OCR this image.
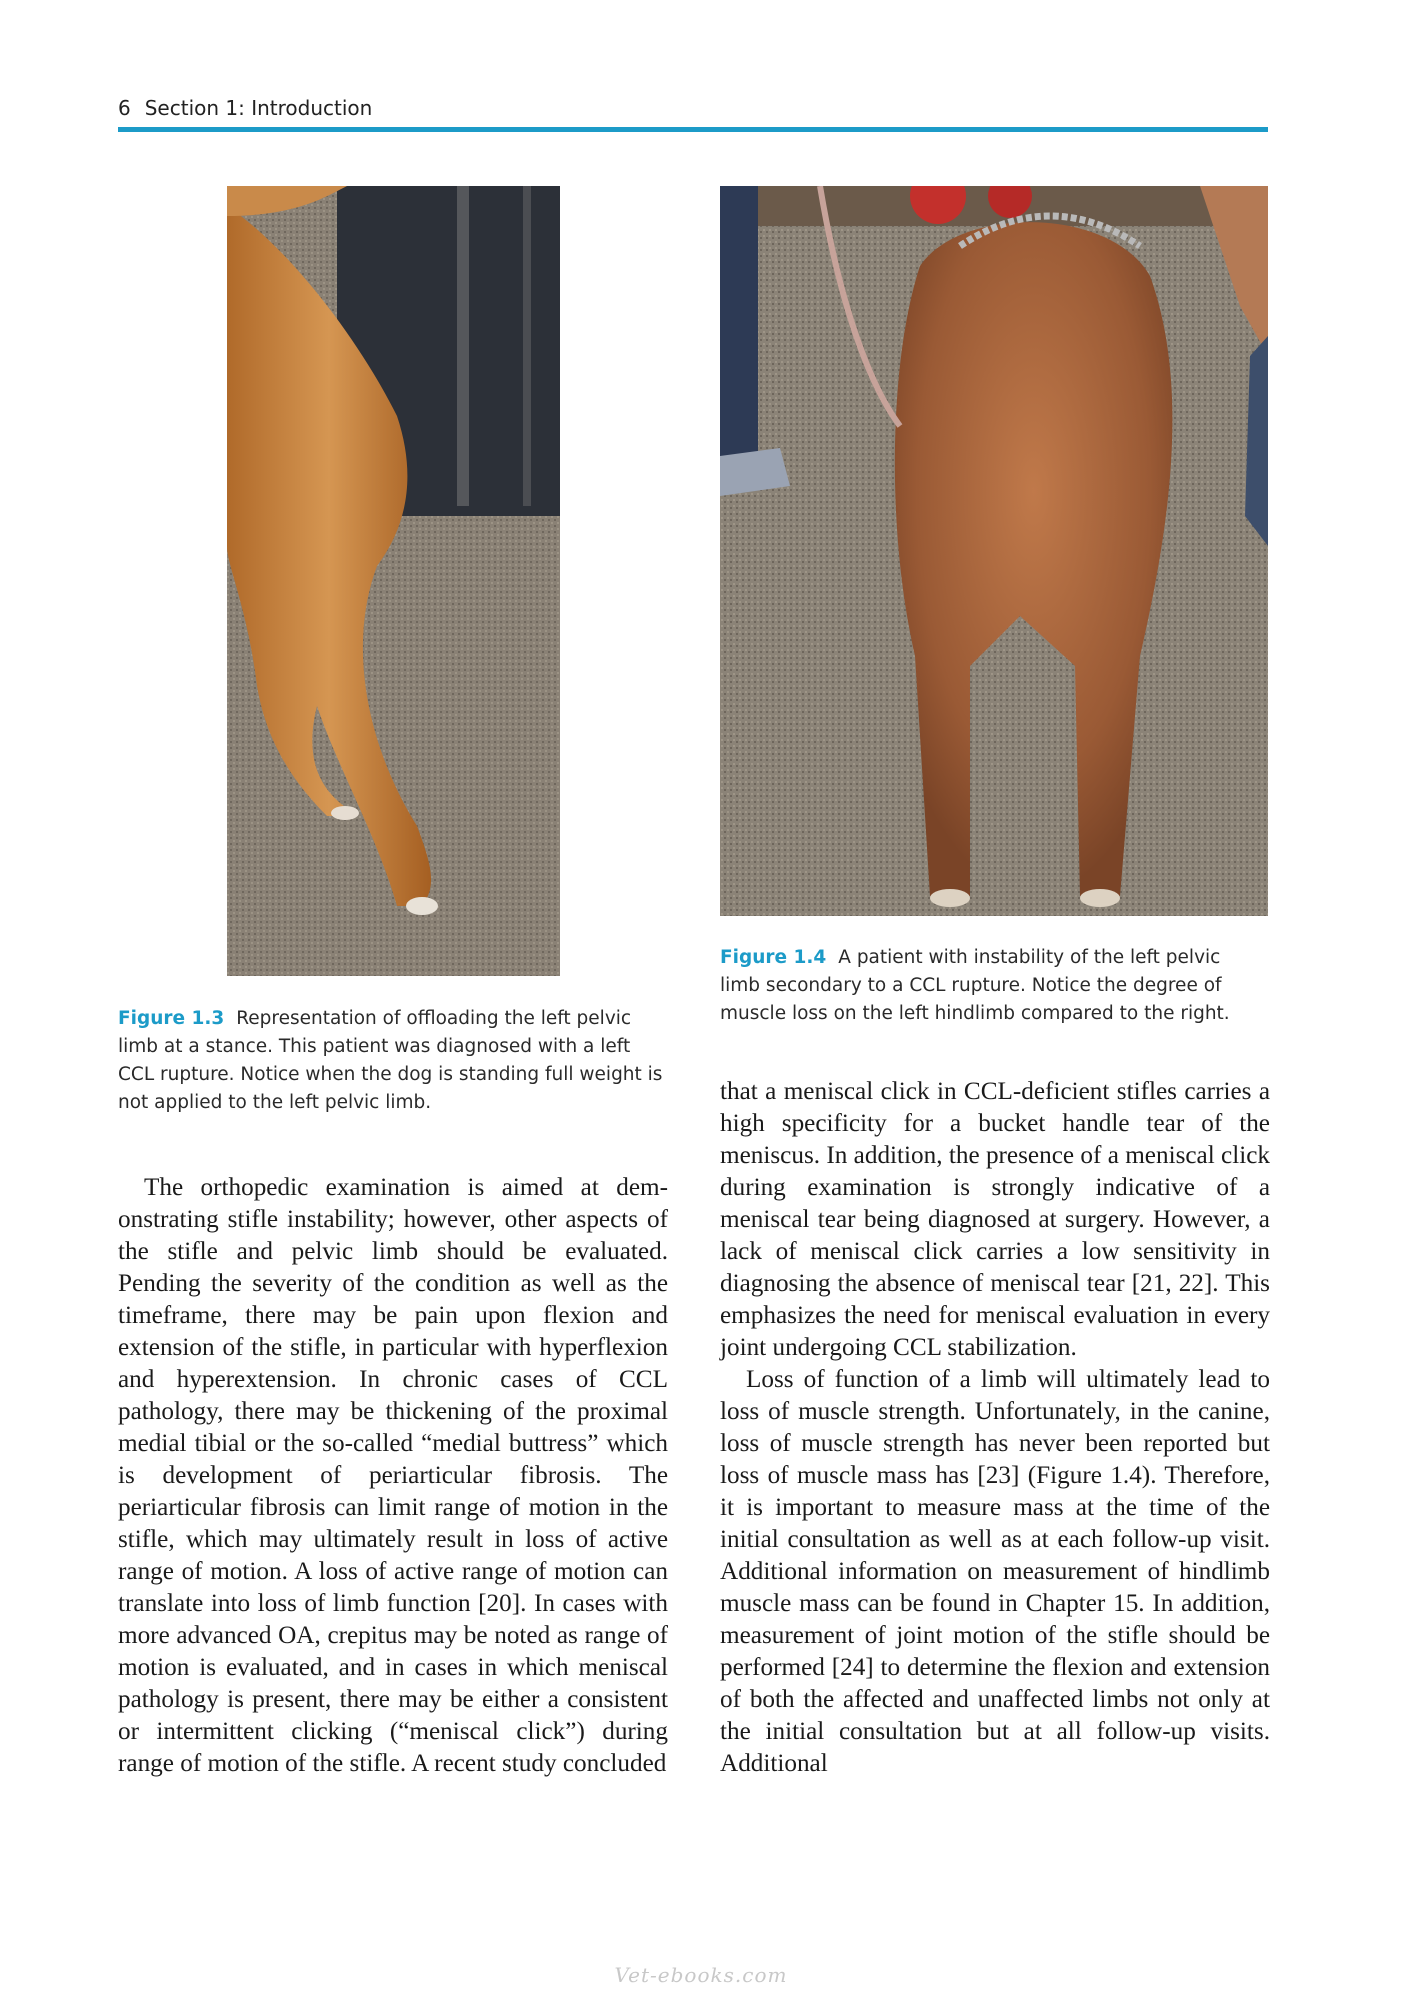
6 Section 1: Introduction
Figure 1.4 A patient with instability of the left pelvic limb secondary to a CCL rupture. Notice the degree of muscle loss on the left hindlimb compared to the right.
Figure 1.3 Representation of offloading the left pelvic limb at a stance. This patient was diagnosed with a left CCL rupture. Notice when the dog is standing full weight is not applied to the left pelvic limb.

The orthopedic examination is aimed at demonstrating stifle instability; however, other aspects of the stifle and pelvic limb should be evaluated. Pending the severity of the condition as well as the timeframe, there may be pain upon flexion and extension of the stifle, in particular with hyperflexion and hyperextension. In chronic cases of CCL pathology, there may be thickening of the proximal medial tibial or the so-called “medial buttress” which is development of periarticular fibrosis. The periarticular fibrosis can limit range of motion in the stifle, which may ultimately result in loss of active range of motion. A loss of active range of motion can translate into loss of limb function [20]. In cases with more advanced OA, crepitus may be noted as range of motion is evaluated, and in cases in which meniscal pathology is present, there may be either a consistent or intermittent clicking (“meniscal click”) during range of motion of the stifle. A recent study concluded

that a meniscal click in CCL-deficient stifles carries a high specificity for a bucket handle tear of the meniscus. In addition, the presence of a meniscal click during examination is strongly indicative of a meniscal tear being diagnosed at surgery. However, a lack of meniscal click carries a low sensitivity in diagnosing the absence of meniscal tear [21, 22]. This emphasizes the need for meniscal evaluation in every joint undergoing CCL stabilization.

Loss of function of a limb will ultimately lead to loss of muscle strength. Unfortunately, in the canine, loss of muscle strength has never been reported but loss of muscle mass has [23] (Figure 1.4). Therefore, it is important to measure mass at the time of the initial consultation as well as at each follow-up visit. Additional information on measurement of hindlimb muscle mass can be found in Chapter 15. In addition, measurement of joint motion of the stifle should be performed [24] to determine the flexion and extension of both the affected and unaffected limbs not only at the initial consultation but at all follow-up visits. Additional

Vet-ebooks.com
